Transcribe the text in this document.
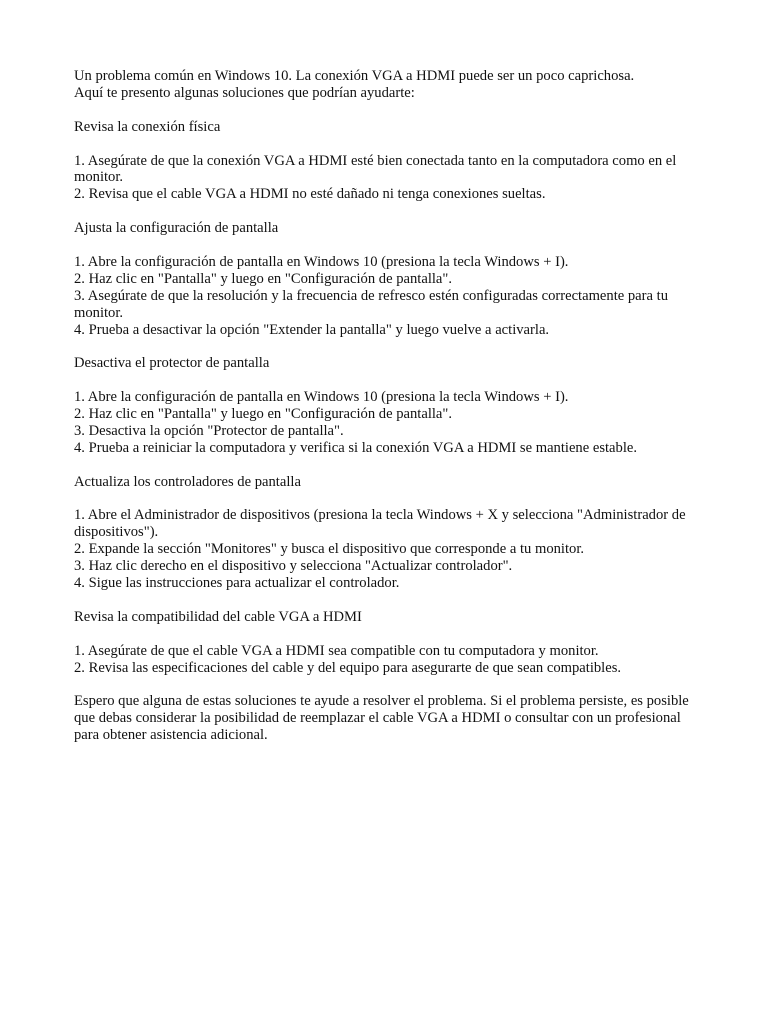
Un problema común en Windows 10. La conexión VGA a HDMI puede ser un poco caprichosa.
Aquí te presento algunas soluciones que podrían ayudarte:

Revisa la conexión física

1. Asegúrate de que la conexión VGA a HDMI esté bien conectada tanto en la computadora como en el monitor.
2. Revisa que el cable VGA a HDMI no esté dañado ni tenga conexiones sueltas.

Ajusta la configuración de pantalla

1. Abre la configuración de pantalla en Windows 10 (presiona la tecla Windows + I).
2. Haz clic en "Pantalla" y luego en "Configuración de pantalla".
3. Asegúrate de que la resolución y la frecuencia de refresco estén configuradas correctamente para tu monitor.
4. Prueba a desactivar la opción "Extender la pantalla" y luego vuelve a activarla.

Desactiva el protector de pantalla

1. Abre la configuración de pantalla en Windows 10 (presiona la tecla Windows + I).
2. Haz clic en "Pantalla" y luego en "Configuración de pantalla".
3. Desactiva la opción "Protector de pantalla".
4. Prueba a reiniciar la computadora y verifica si la conexión VGA a HDMI se mantiene estable.

Actualiza los controladores de pantalla

1. Abre el Administrador de dispositivos (presiona la tecla Windows + X y selecciona "Administrador de dispositivos").
2. Expande la sección "Monitores" y busca el dispositivo que corresponde a tu monitor.
3. Haz clic derecho en el dispositivo y selecciona "Actualizar controlador".
4. Sigue las instrucciones para actualizar el controlador.

Revisa la compatibilidad del cable VGA a HDMI

1. Asegúrate de que el cable VGA a HDMI sea compatible con tu computadora y monitor.
2. Revisa las especificaciones del cable y del equipo para asegurarte de que sean compatibles.

Espero que alguna de estas soluciones te ayude a resolver el problema. Si el problema persiste, es posible que debas considerar la posibilidad de reemplazar el cable VGA a HDMI o consultar con un profesional para obtener asistencia adicional.
